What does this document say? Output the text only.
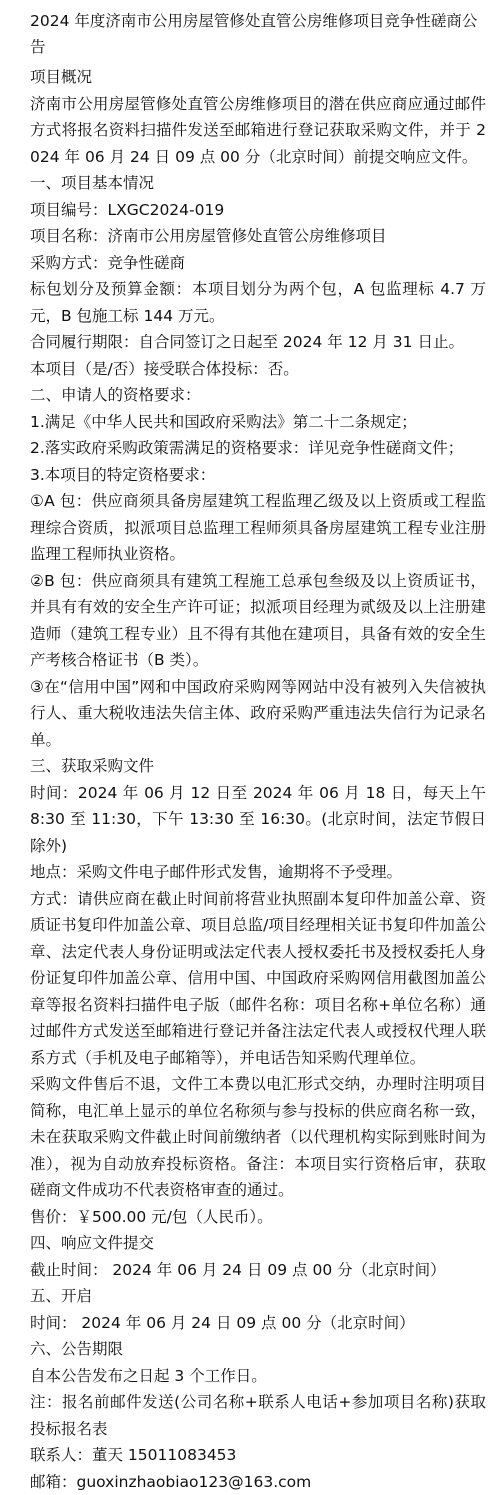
2024 年度济南市公用房屋管修处直管公房维修项目竞争性磋商公告

项目概况

济南市公用房屋管修处直管公房维修项目的潜在供应商应通过邮件方式将报名资料扫描件发送至邮箱进行登记获取采购文件，并于 2024 年 06 月 24 日 09 点 00 分（北京时间）前提交响应文件。

一、项目基本情况

项目编号：LXGC2024-019

项目名称：济南市公用房屋管修处直管公房维修项目

采购方式：竞争性磋商

标包划分及预算金额：本项目划分为两个包，A 包监理标 4.7 万元，B 包施工标 144 万元。

合同履行期限：自合同签订之日起至 2024 年 12 月 31 日止。

本项目（是/否）接受联合体投标：否。

二、申请人的资格要求：

1.满足《中华人民共和国政府采购法》第二十二条规定；

2.落实政府采购政策需满足的资格要求：详见竞争性磋商文件；

3.本项目的特定资格要求：

①A 包：供应商须具备房屋建筑工程监理乙级及以上资质或工程监理综合资质，拟派项目总监理工程师须具备房屋建筑工程专业注册监理工程师执业资格。

②B 包：供应商须具有建筑工程施工总承包叁级及以上资质证书，并具有有效的安全生产许可证；拟派项目经理为贰级及以上注册建造师（建筑工程专业）且不得有其他在建项目，具备有效的安全生产考核合格证书（B 类）。

③在“信用中国”网和中国政府采购网等网站中没有被列入失信被执行人、重大税收违法失信主体、政府采购严重违法失信行为记录名单。

三、获取采购文件

时间：2024 年 06 月 12 日至 2024 年 06 月 18 日，每天上午 8:30 至 11:30，下午 13:30 至 16:30。(北京时间，法定节假日除外)

地点：采购文件电子邮件形式发售，逾期将不予受理。

方式：请供应商在截止时间前将营业执照副本复印件加盖公章、资质证书复印件加盖公章、项目总监/项目经理相关证书复印件加盖公章、法定代表人身份证明或法定代表人授权委托书及授权委托人身份证复印件加盖公章、信用中国、中国政府采购网信用截图加盖公章等报名资料扫描件电子版（邮件名称：项目名称+单位名称）通过邮件方式发送至邮箱进行登记并备注法定代表人或授权代理人联系方式（手机及电子邮箱等），并电话告知采购代理单位。

采购文件售后不退，文件工本费以电汇形式交纳，办理时注明项目简称，电汇单上显示的单位名称须与参与投标的供应商名称一致，未在获取采购文件截止时间前缴纳者（以代理机构实际到账时间为准），视为自动放弃投标资格。备注：本项目实行资格后审，获取磋商文件成功不代表资格审查的通过。

售价：￥500.00 元/包（人民币）。

四、响应文件提交

截止时间： 2024 年 06 月 24 日 09 点 00 分（北京时间）

五、开启

时间： 2024 年 06 月 24 日 09 点 00 分（北京时间）

六、公告期限

自本公告发布之日起 3 个工作日。

注：报名前邮件发送(公司名称+联系人电话+参加项目名称)获取投标报名表

联系人：董天 15011083453

邮箱：guoxinzhaobiao123@163.com
